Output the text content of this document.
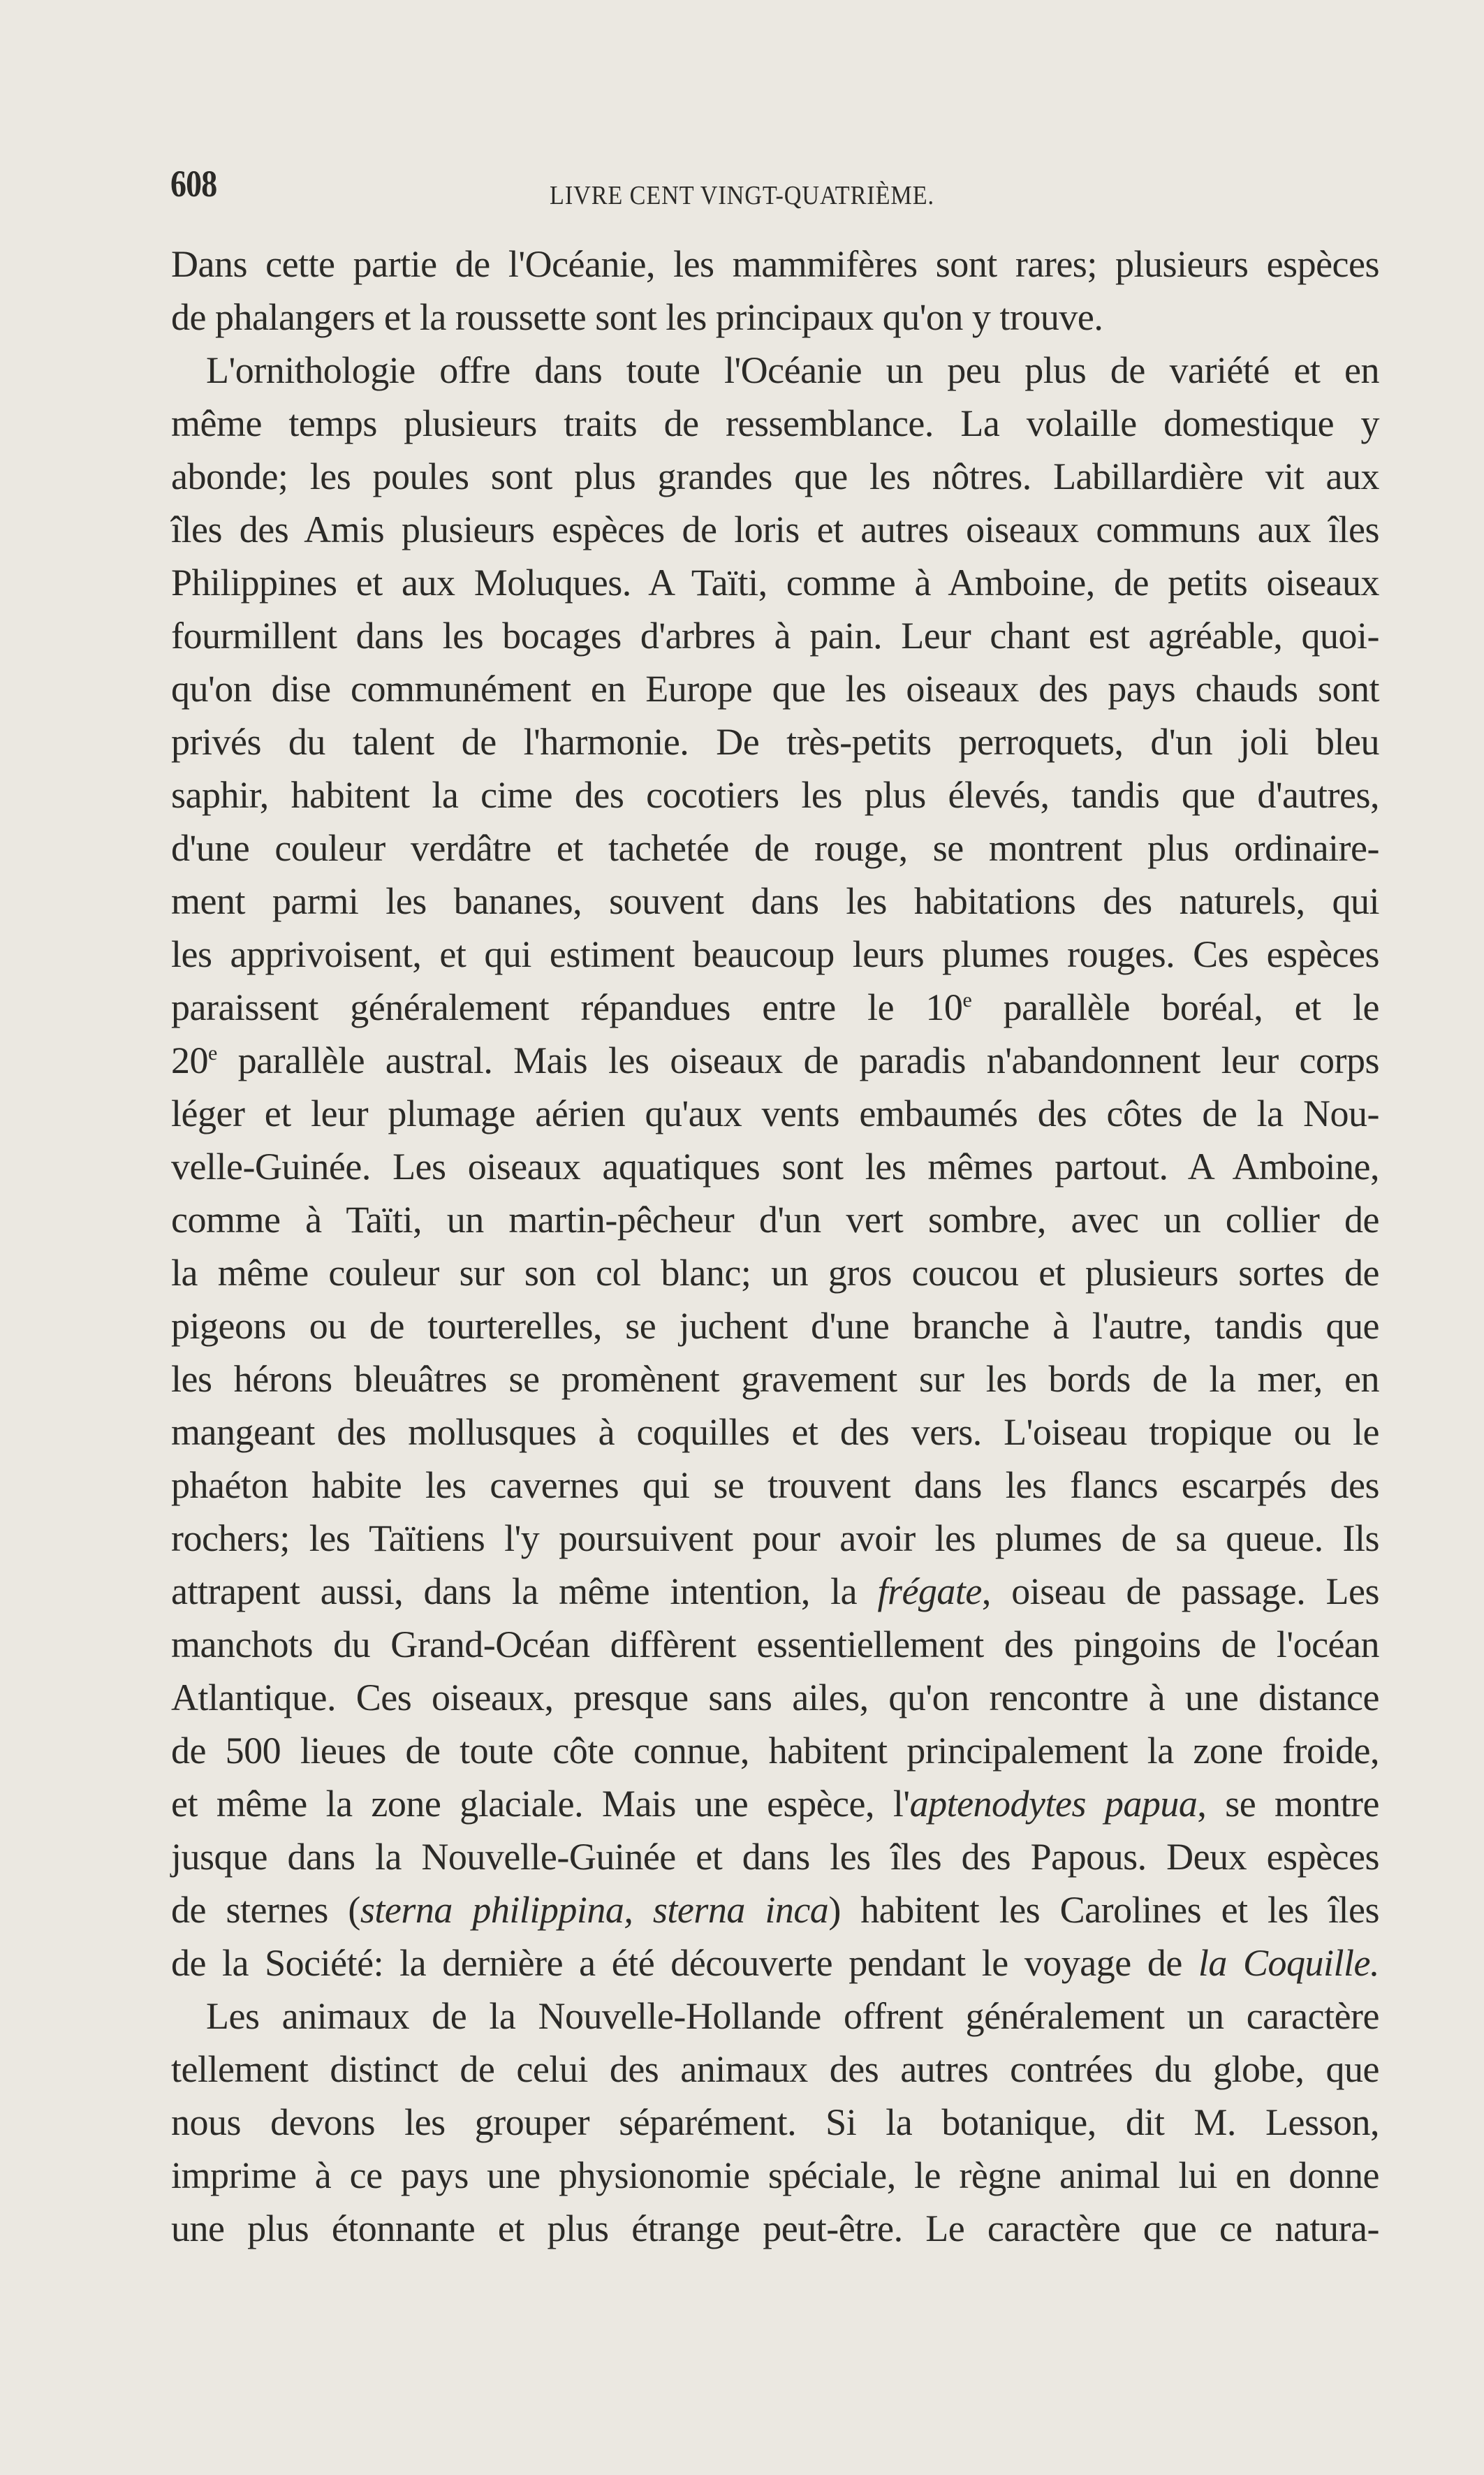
608	LIVRE CENT VINGT-QUATRIÈME.
Dans cette partie de l'Océanie, les mammifères sont rares; plusieurs espèces
de phalangers et la roussette sont les principaux qu'on y trouve.
L'ornithologie offre dans toute l'Océanie un peu plus de variété et en
même temps plusieurs traits de ressemblance. La volaille domestique y
abonde; les poules sont plus grandes que les nôtres. Labillardière vit aux
îles des Amis plusieurs espèces de loris et autres oiseaux communs aux îles
Philippines et aux Moluques. A Taïti, comme à Amboine, de petits oiseaux
fourmillent dans les bocages d'arbres à pain. Leur chant est agréable, quoi-
qu'on dise communément en Europe que les oiseaux des pays chauds sont
privés du talent de l'harmonie. De très-petits perroquets, d'un joli bleu
saphir, habitent la cime des cocotiers les plus élevés, tandis que d'autres,
d'une couleur verdâtre et tachetée de rouge, se montrent plus ordinaire-
ment parmi les bananes, souvent dans les habitations des naturels, qui
les apprivoisent, et qui estiment beaucoup leurs plumes rouges. Ces espèces
paraissent généralement répandues entre le 10e parallèle boréal, et le
20e parallèle austral. Mais les oiseaux de paradis n'abandonnent leur corps
léger et leur plumage aérien qu'aux vents embaumés des côtes de la Nou-
velle-Guinée. Les oiseaux aquatiques sont les mêmes partout. A Amboine,
comme à Taïti, un martin-pêcheur d'un vert sombre, avec un collier de
la même couleur sur son col blanc; un gros coucou et plusieurs sortes de
pigeons ou de tourterelles, se juchent d'une branche à l'autre, tandis que
les hérons bleuâtres se promènent gravement sur les bords de la mer, en
mangeant des mollusques à coquilles et des vers. L'oiseau tropique ou le
phaéton habite les cavernes qui se trouvent dans les flancs escarpés des
rochers; les Taïtiens l'y poursuivent pour avoir les plumes de sa queue. Ils
attrapent aussi, dans la même intention, la frégate, oiseau de passage. Les
manchots du Grand-Océan diffèrent essentiellement des pingoins de l'océan
Atlantique. Ces oiseaux, presque sans ailes, qu'on rencontre à une distance
de 500 lieues de toute côte connue, habitent principalement la zone froide,
et même la zone glaciale. Mais une espèce, l'aptenodytes papua, se montre
jusque dans la Nouvelle-Guinée et dans les îles des Papous. Deux espèces
de sternes (sterna philippina, sterna inca) habitent les Carolines et les îles
de la Société: la dernière a été découverte pendant le voyage de la Coquille.
Les animaux de la Nouvelle-Hollande offrent généralement un caractère
tellement distinct de celui des animaux des autres contrées du globe, que
nous devons les grouper séparément. Si la botanique, dit M. Lesson,
imprime à ce pays une physionomie spéciale, le règne animal lui en donne
une plus étonnante et plus étrange peut-être. Le caractère que ce natura-
